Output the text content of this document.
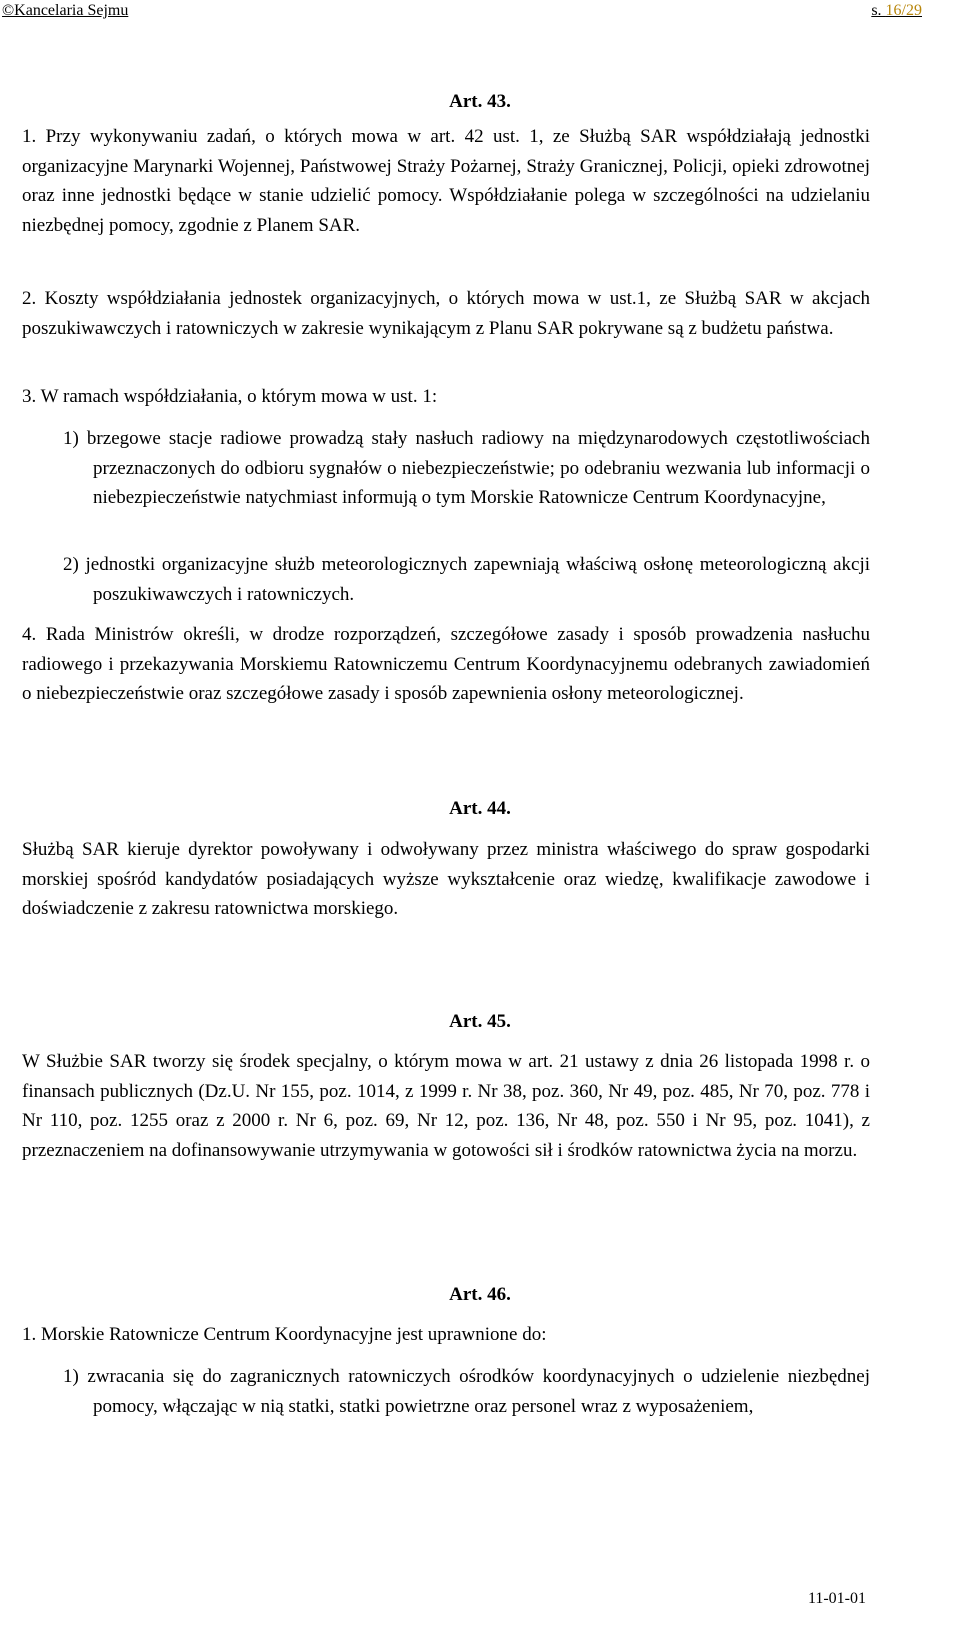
©Kancelaria Sejmu	s. 16/29
Art. 43.
1. Przy wykonywaniu zadań, o których mowa w art. 42 ust. 1, ze Służbą SAR współdziałają jednostki organizacyjne Marynarki Wojennej, Państwowej Straży Pożarnej, Straży Granicznej, Policji, opieki zdrowotnej oraz inne jednostki będące w stanie udzielić pomocy. Współdziałanie polega w szczególności na udzielaniu niezbędnej pomocy, zgodnie z Planem SAR.
2. Koszty współdziałania jednostek organizacyjnych, o których mowa w ust.1, ze Służbą SAR w akcjach poszukiwawczych i ratowniczych w zakresie wynikającym z Planu SAR pokrywane są z budżetu państwa.
3. W ramach współdziałania, o którym mowa w ust. 1:
1) brzegowe stacje radiowe prowadzą stały nasłuch radiowy na międzynarodowych częstotliwościach przeznaczonych do odbioru sygnałów o niebezpieczeństwie; po odebraniu wezwania lub informacji o niebezpieczeństwie natychmiast informują o tym Morskie Ratownicze Centrum Koordynacyjne,
2) jednostki organizacyjne służb meteorologicznych zapewniają właściwą osłonę meteorologiczną akcji poszukiwawczych i ratowniczych.
4. Rada Ministrów określi, w drodze rozporządzeń, szczegółowe zasady i sposób prowadzenia nasłuchu radiowego i przekazywania Morskiemu Ratowniczemu Centrum Koordynacyjnemu odebranych zawiadomień o niebezpieczeństwie oraz szczegółowe zasady i sposób zapewnienia osłony meteorologicznej.
Art. 44.
Służbą SAR kieruje dyrektor powoływany i odwoływany przez ministra właściwego do spraw gospodarki morskiej spośród kandydatów posiadających wyższe wykształcenie oraz wiedzę, kwalifikacje zawodowe i doświadczenie z zakresu ratownictwa morskiego.
Art. 45.
W Służbie SAR tworzy się środek specjalny, o którym mowa w art. 21 ustawy z dnia 26 listopada 1998 r. o finansach publicznych (Dz.U. Nr 155, poz. 1014, z 1999 r. Nr 38, poz. 360, Nr 49, poz. 485, Nr 70, poz. 778 i Nr 110, poz. 1255 oraz z 2000 r. Nr 6, poz. 69, Nr 12, poz. 136, Nr 48, poz. 550 i Nr 95, poz. 1041), z przeznaczeniem na dofinansowywanie utrzymywania w gotowości sił i środków ratownictwa życia na morzu.
Art. 46.
1. Morskie Ratownicze Centrum Koordynacyjne jest uprawnione do:
1) zwracania się do zagranicznych ratowniczych ośrodków koordynacyjnych o udzielenie niezbędnej pomocy, włączając w nią statki, statki powietrzne oraz personel wraz z wyposażeniem,
11-01-01
